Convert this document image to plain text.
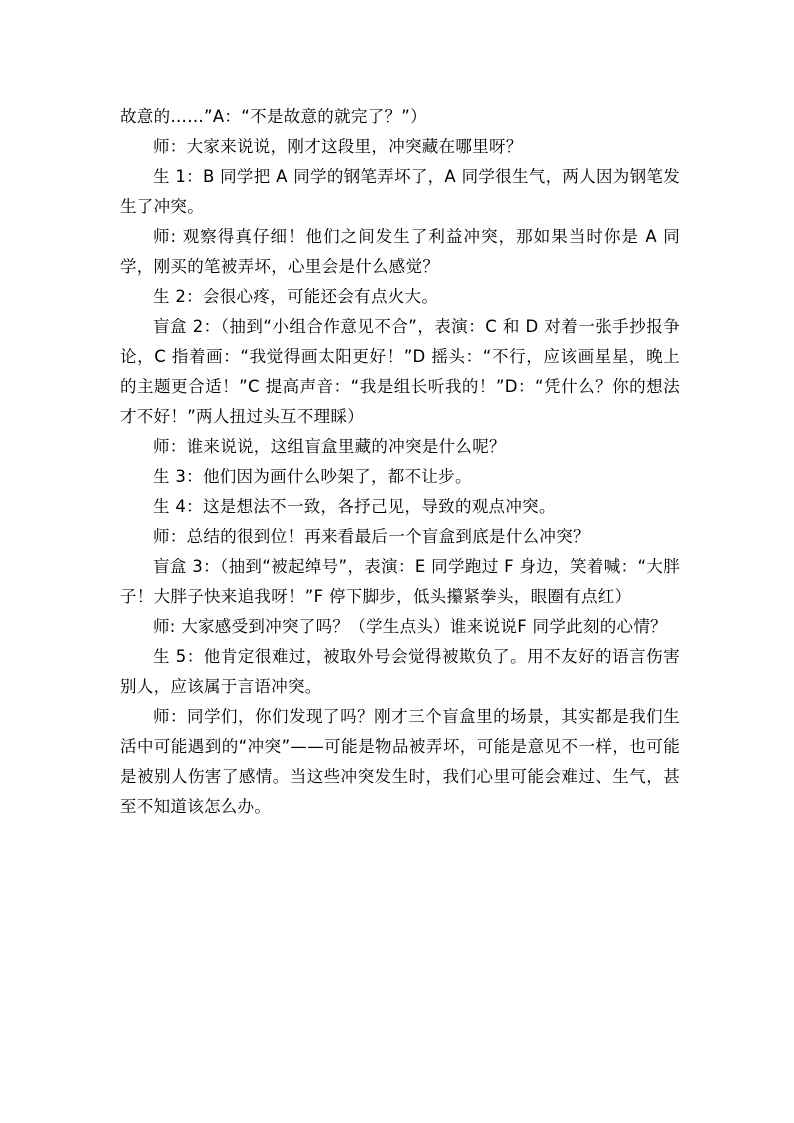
故意的……”A：“不是故意的就完了？”）

师：大家来说说，刚才这段里，冲突藏在哪里呀？

生 1：B 同学把 A 同学的钢笔弄坏了，A 同学很生气，两人因为钢笔发生了冲突。

师: 观察得真仔细！他们之间发生了利益冲突，那如果当时你是 A 同学，刚买的笔被弄坏，心里会是什么感觉？

生 2：会很心疼，可能还会有点火大。

盲盒 2：（抽到“小组合作意见不合”，表演：C 和 D 对着一张手抄报争论，C 指着画：“我觉得画太阳更好！”D 摇头：“不行，应该画星星，晚上的主题更合适！”C 提高声音：“我是组长听我的！”D：“凭什么？你的想法才不好！”两人扭过头互不理睬）

师：谁来说说，这组盲盒里藏的冲突是什么呢？

生 3：他们因为画什么吵架了，都不让步。

生 4：这是想法不一致，各抒己见，导致的观点冲突。

师：总结的很到位！再来看最后一个盲盒到底是什么冲突？

盲盒 3：（抽到“被起绰号”，表演：E 同学跑过 F 身边，笑着喊：“大胖子！大胖子快来追我呀！”F 停下脚步，低头攥紧拳头，眼圈有点红）

师: 大家感受到冲突了吗？（学生点头）谁来说说F 同学此刻的心情？

生 5：他肯定很难过，被取外号会觉得被欺负了。用不友好的语言伤害别人，应该属于言语冲突。

师：同学们，你们发现了吗？刚才三个盲盒里的场景，其实都是我们生活中可能遇到的“冲突”——可能是物品被弄坏，可能是意见不一样，也可能是被别人伤害了感情。当这些冲突发生时，我们心里可能会难过、生气，甚至不知道该怎么办。
